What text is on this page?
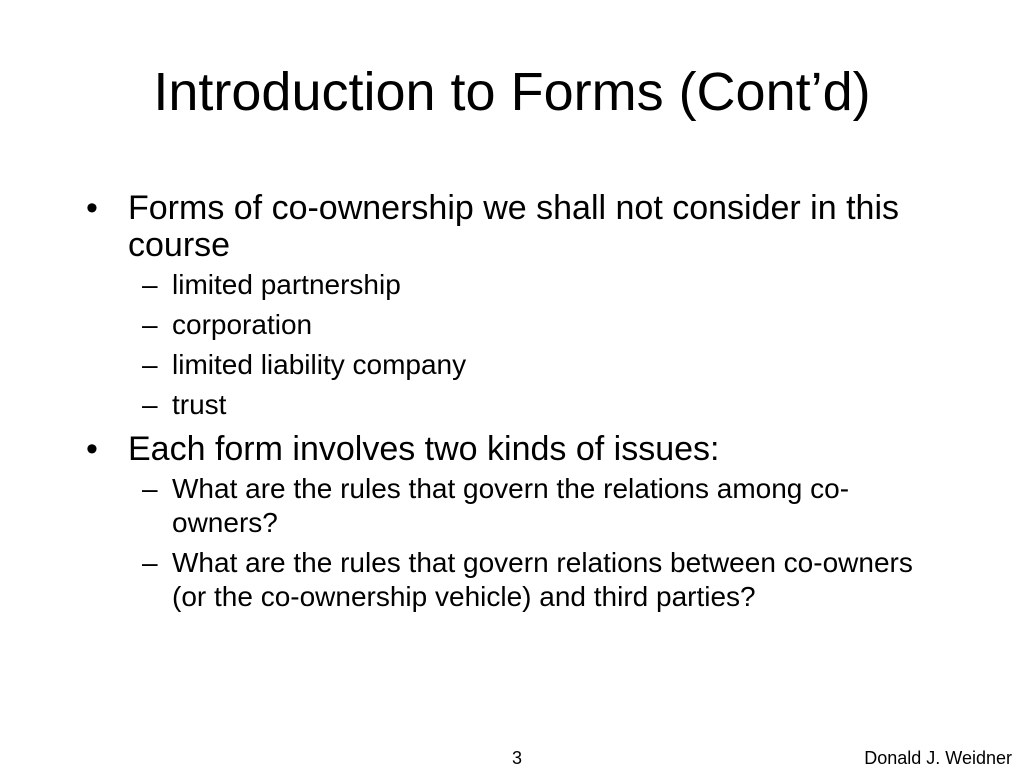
Introduction to Forms (Cont’d)
• Forms of co-ownership we shall not consider in this course
– limited partnership
– corporation
– limited liability company
– trust
• Each form involves two kinds of issues:
– What are the rules that govern the relations among co-owners?
– What are the rules that govern relations between co-owners (or the co-ownership vehicle) and third parties?
3	Donald J. Weidner
